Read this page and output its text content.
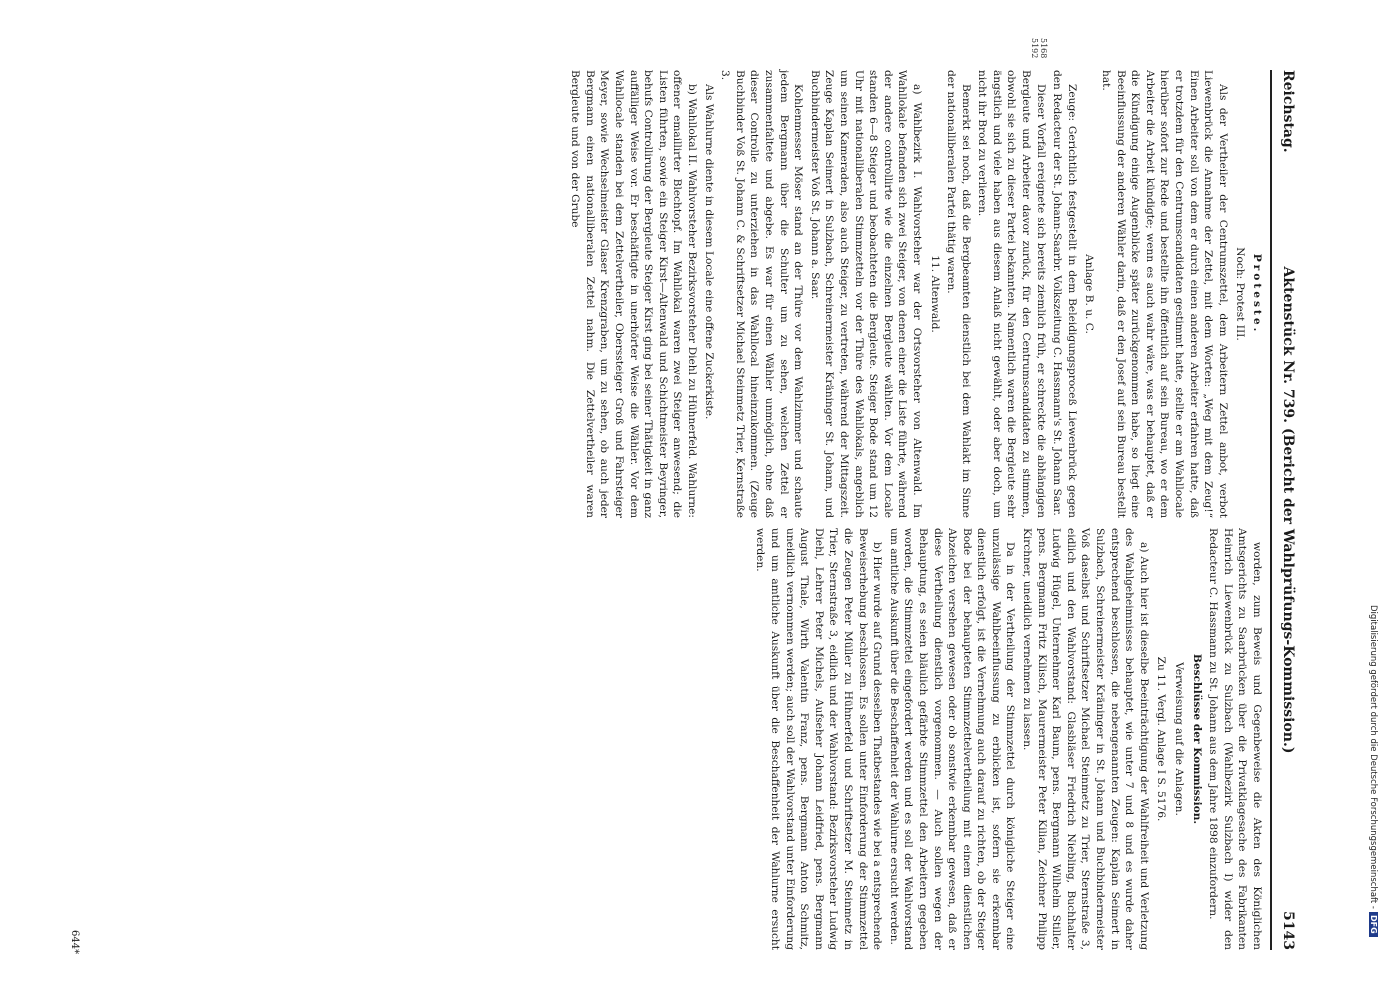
Reichstag.
Aktenstück Nr. 739. (Bericht der Wahlprüfungs-Kommission.)
5143
5168
5192

Proteste.

Noch: Protest III.

Als der Vertheiler der Centrumszettel, dem Arbeitern Zettel anbot, verbot Liewenbrück die Annahme der Zettel, mit dem Worten: „Weg mit dem Zeug!“ Einen Arbeiter soll von dem er durch einen anderen Arbeiter erfahren hatte, daß er trotzdem für den Centrumscandidaten gestimmt hatte, stellte er am Wahllocale hierüber sofort zur Rede und bestellte ihn öffentlich auf sein Bureau, wo er dem Arbeiter die Arbeit kündigte; wenn es auch wahr wäre, was er behauptet, daß er die Kündigung einige Augenblicke später zurückgenommen habe, so liegt eine Beeinflussung der anderen Wähler darin, daß er den Josef auf sein Bureau bestellt hat.

Anlage B. u. C.

Zeuge: Gerichtlich festgestellt in dem Beleidigungsproceß Liewenbrück gegen den Redacteur der St. Johann-Saarbr. Volkszeitung C. Hassmann's St. Johann Saar.

Dieser Vorfall ereignete sich bereits ziemlich früh, er schreckte die abhängigen Bergleute und Arbeiter davor zurück, für den Centrumscandidaten zu stimmen, obwohl sie sich zu dieser Partei bekannten. Namentlich waren die Bergleute sehr ängstlich und viele haben aus diesem Anlaß nicht gewählt, oder aber doch, um nicht ihr Brod zu verlieren.

Bemerkt sei noch, daß die Bergbeamten dienstlich bei dem Wahlakt im Sinne der nationalliberalen Partei thätig waren.

11. Altenwald.

a) Wahlbezirk I. Wahlvorsteher war der Ortsvorsteher von Altenwald. Im Wahllokale befanden sich zwei Steiger, von denen einer die Liste führte, während der andere controllirte wie die einzelnen Bergleute wählten. Vor dem Locale standen 6—8 Steiger und beobachteten die Bergleute. Steiger Bode stand um 12 Uhr mit nationalliberalen Stimmzetteln vor der Thüre des Wahllokals, angeblich um seinen Kameraden, also auch Steiger, zu vertreten, während der Mittagszeit. Zeuge Kaplan Seimert in Sulzbach, Schreinermeister Kräninger St. Johann, und Buchbindermeister Voß St. Johann a. Saar.

Kohlenmesser Möser stand an der Thüre vor dem Wahlzimmer und schaute jedem Bergmann über die Schulter um zu sehen, welchen Zettel er zusammenfaltete und abgebe. Es war für einen Wähler unmöglich, ohne daß dieser Controlle zu unterziehen in das Wahllocal hineinzukommen. (Zeuge Buchbinder Voß St. Johann C. & Schriftsetzer Michael Steinmetz Trier, Kernstraße 3.

Als Wahlurne diente in diesem Locale eine offene Zuckerkiste.

b) Wahllokal II. Wahlvorsteher Bezirksvorsteher Diehl zu Hühnerfeld. Wahlurne: offener emaillirter Blechtopf. Im Wahllokal waren zwei Steiger anwesend; die Listen führten, sowie ein Steiger Kirst—Altenwald und Schichtmeister Beyringer, behufs Controllirung der Bergleute Steiger Kirst ging bei seiner Thätigkeit in ganz auffälliger Weise vor. Er beschäftigte in unerhörter Weise die Wähler. Vor dem Wahllocale standen bei dem Zettelvertheiler, Oberssteiger Groß und Fahrsteiger Meyer, sowie Wechselmeister Glaser Krenzgraben, um zu sehen, ob auch jeder Bergmann einen nationalliberalen Zettel nahm. Die Zettelvertheiler waren Bergleute und von der Grube

worden, zum Beweis und Gegenbeweise die Akten des Königlichen Amtsgerichts zu Saarbrücken über die Privatklagesache des Fabrikanten Heinrich Liewenbrück zu Sulzbach (Wahlbezirk Sulzbach I) wider den Redacteur C. Hassmann zu St. Johann aus dem Jahre 1898 einzufordern.

Beschlüsse der Kommission.

Verweisung auf die Anlagen.

Zu 11. Vergl. Anlage I S. 5176.

a) Auch hier ist dieselbe Beeinträchtigung der Wahlfreiheit und Verletzung des Wahlgeheimnisses behauptet, wie unter 7 und 8 und es wurde daher entsprechend beschlossen, die nebengenannten Zeugen: Kaplan Seimert in Sulzbach, Schreinermeister Kräninger in St. Johann und Buchbindermeister Voß daselbst und Schriftsetzer Michael Steinmetz zu Trier, Sternstraße 3, eidlich und den Wahlvorstand: Glasbläser Friedrich Niebling, Buchhalter Ludwig Hügel, Unternehmer Karl Baum, pens. Bergmann Wilhelm Stiller, pens. Bergmann Fritz Kilisch, Maurermeister Peter Kilian, Zeichner Philipp Kirchner, uneidlich vernehmen zu lassen.

Da in der Vertheilung der Stimmzettel durch königliche Steiger eine unzulässige Wahlbeeinflussung zu erblicken ist, sofern sie erkennbar dienstlich erfolgt, ist die Vernehmung auch darauf zu richten, ob der Steiger Bode bei der behaupteten Stimmzettelvertheilung mit einem dienstlichen Abzeichen versehen gewesen oder ob sonstwie erkennbar gewesen, daß er diese Vertheilung dienstlich vorgenommen. — Auch sollen wegen der Behauptung, es seien bläulich gefärbte Stimmzettel den Arbeitern gegeben worden, die Stimmzettel eingefordert werden und es soll der Wahlvorstand um amtliche Auskunft über die Beschaffenheit der Wahlurne ersucht werden.

b) Hier wurde auf Grund desselben Thatbestandes wie bei a entsprechende Beweiserhebung beschlossen. Es sollen unter Einforderung der Stimmzettel die Zeugen Peter Müller zu Hühnerfeld und Schriftsetzer M. Steinmetz in Trier, Sternstraße 3, eidlich und der Wahlvorstand: Bezirksvorsteher Ludwig Diehl, Lehrer Peter Michels, Aufseher Johann Leidfried, pens. Bergmann August Thale, Wirth Valentin Franz, pens. Bergmann Anton Schmitz, uneidlich vernommen werden; auch soll der Wahlvorstand unter Einforderung und um amtliche Auskunft über die Beschaffenheit der Wahlurne ersucht werden.

644*
Digitalisierung gefördert durch die Deutsche Forschungsgemeinschaft -DFG
